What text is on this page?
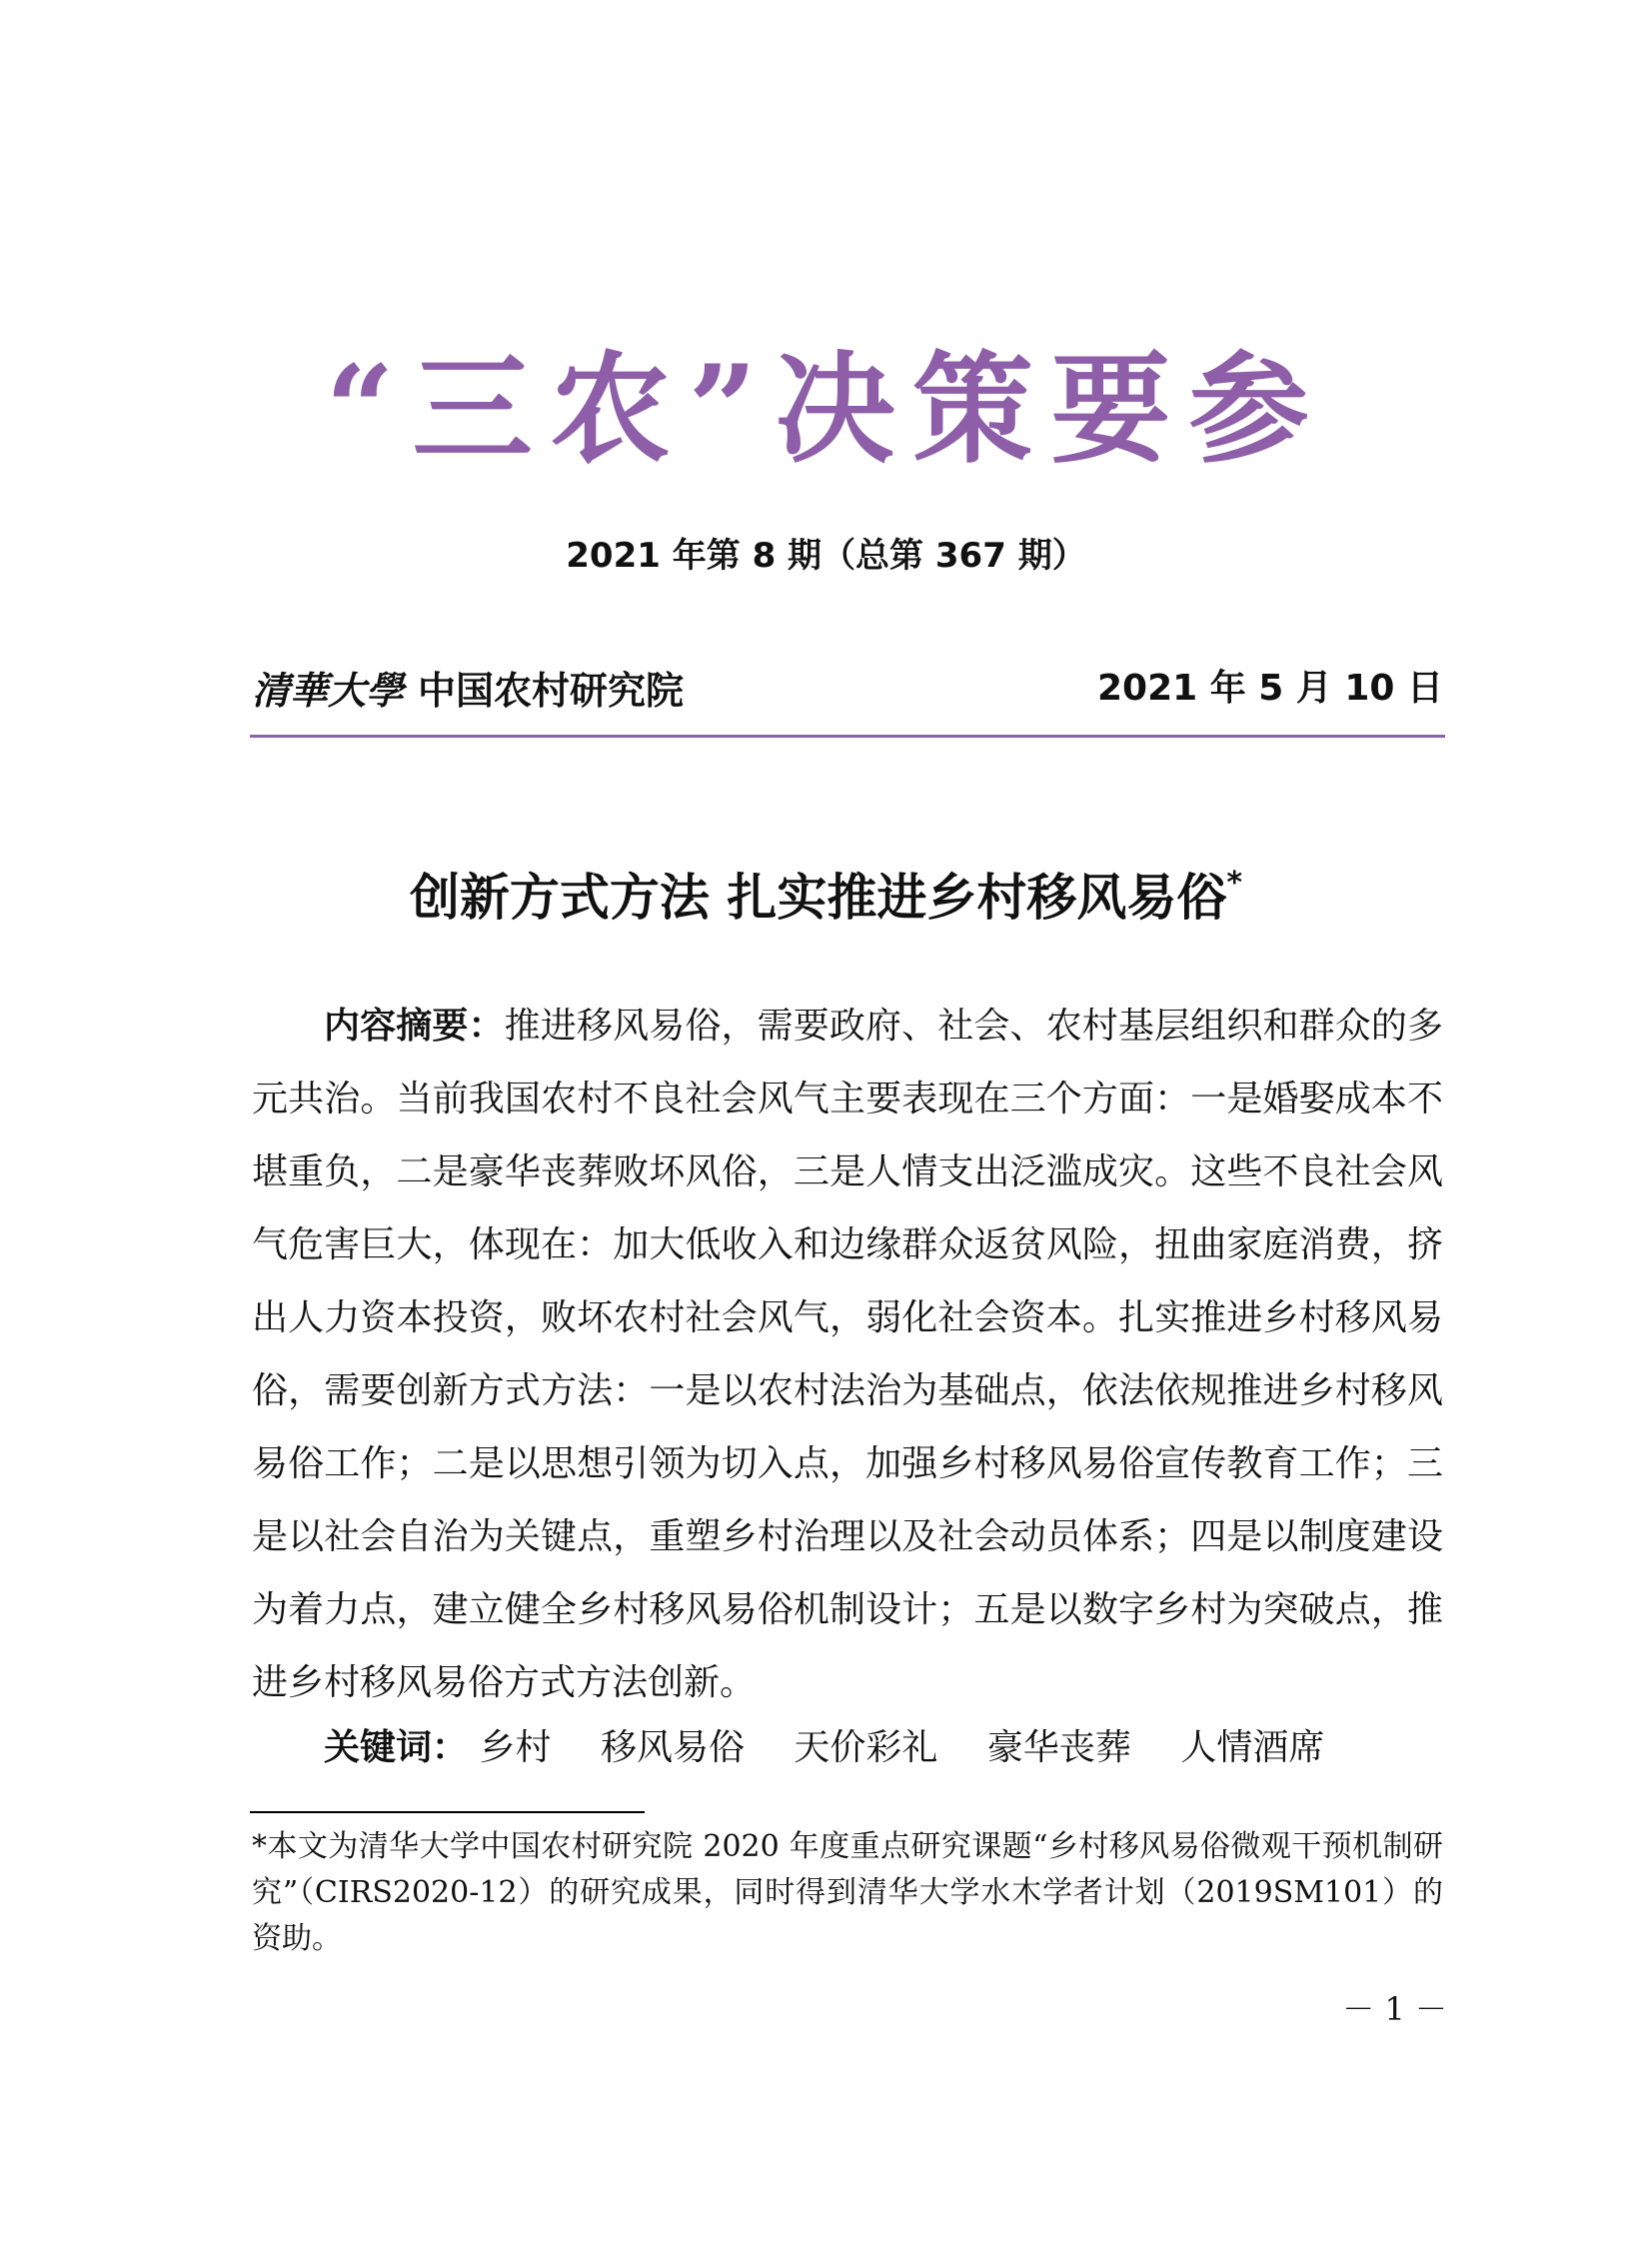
“三农”决策要参
2021 年第 8 期（总第 367 期）
清華大學 中国农村研究院	2021 年 5 月 10 日
创新方式方法 扎实推进乡村移风易俗*

内容摘要：推进移风易俗，需要政府、社会、农村基层组织和群众的多元共治。当前我国农村不良社会风气主要表现在三个方面：一是婚娶成本不堪重负，二是豪华丧葬败坏风俗，三是人情支出泛滥成灾。这些不良社会风气危害巨大，体现在：加大低收入和边缘群众返贫风险，扭曲家庭消费，挤出人力资本投资，败坏农村社会风气，弱化社会资本。扎实推进乡村移风易俗，需要创新方式方法：一是以农村法治为基础点，依法依规推进乡村移风易俗工作；二是以思想引领为切入点，加强乡村移风易俗宣传教育工作；三是以社会自治为关键点，重塑乡村治理以及社会动员体系；四是以制度建设为着力点，建立健全乡村移风易俗机制设计；五是以数字乡村为突破点，推进乡村移风易俗方式方法创新。

关键词： 乡村 移风易俗 天价彩礼 豪华丧葬 人情酒席

*本文为清华大学中国农村研究院 2020 年度重点研究课题“乡村移风易俗微观干预机制研究”（CIRS2020-12）的研究成果，同时得到清华大学水木学者计划（2019SM101）的资助。

－ 1 －
